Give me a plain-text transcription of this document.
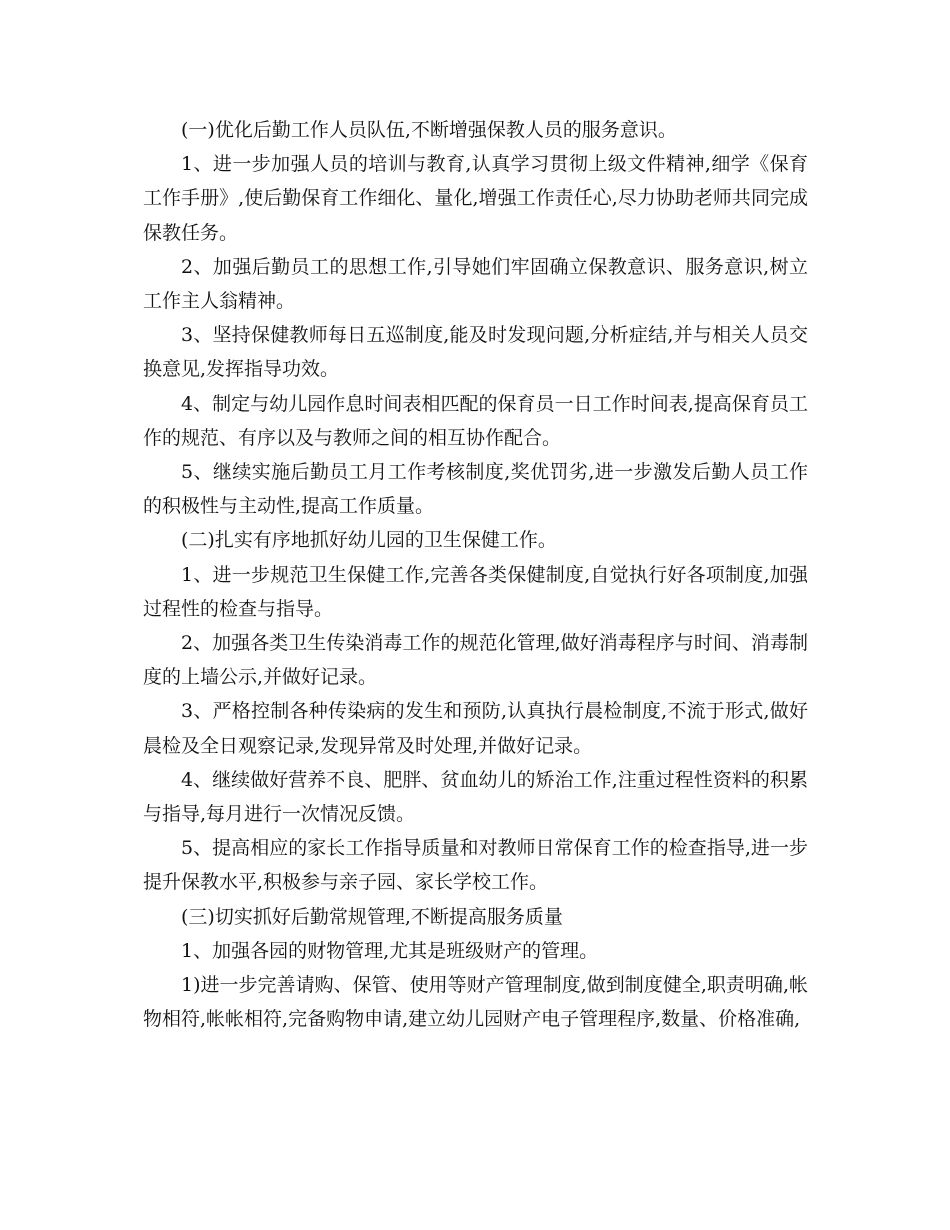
(一)优化后勤工作人员队伍,不断增强保教人员的服务意识。

1、进一步加强人员的培训与教育,认真学习贯彻上级文件精神,细学《保育工作手册》,使后勤保育工作细化、量化,增强工作责任心,尽力协助老师共同完成保教任务。

2、加强后勤员工的思想工作,引导她们牢固确立保教意识、服务意识,树立工作主人翁精神。

3、坚持保健教师每日五巡制度,能及时发现问题,分析症结,并与相关人员交换意见,发挥指导功效。

4、制定与幼儿园作息时间表相匹配的保育员一日工作时间表,提高保育员工作的规范、有序以及与教师之间的相互协作配合。

5、继续实施后勤员工月工作考核制度,奖优罚劣,进一步激发后勤人员工作的积极性与主动性,提高工作质量。

(二)扎实有序地抓好幼儿园的卫生保健工作。

1、进一步规范卫生保健工作,完善各类保健制度,自觉执行好各项制度,加强过程性的检查与指导。

2、加强各类卫生传染消毒工作的规范化管理,做好消毒程序与时间、消毒制度的上墙公示,并做好记录。

3、严格控制各种传染病的发生和预防,认真执行晨检制度,不流于形式,做好晨检及全日观察记录,发现异常及时处理,并做好记录。

4、继续做好营养不良、肥胖、贫血幼儿的矫治工作,注重过程性资料的积累与指导,每月进行一次情况反馈。

5、提高相应的家长工作指导质量和对教师日常保育工作的检查指导,进一步提升保教水平,积极参与亲子园、家长学校工作。

(三)切实抓好后勤常规管理,不断提高服务质量

1、加强各园的财物管理,尤其是班级财产的管理。

1)进一步完善请购、保管、使用等财产管理制度,做到制度健全,职责明确,帐物相符,帐帐相符,完备购物申请,建立幼儿园财产电子管理程序,数量、价格准确,
